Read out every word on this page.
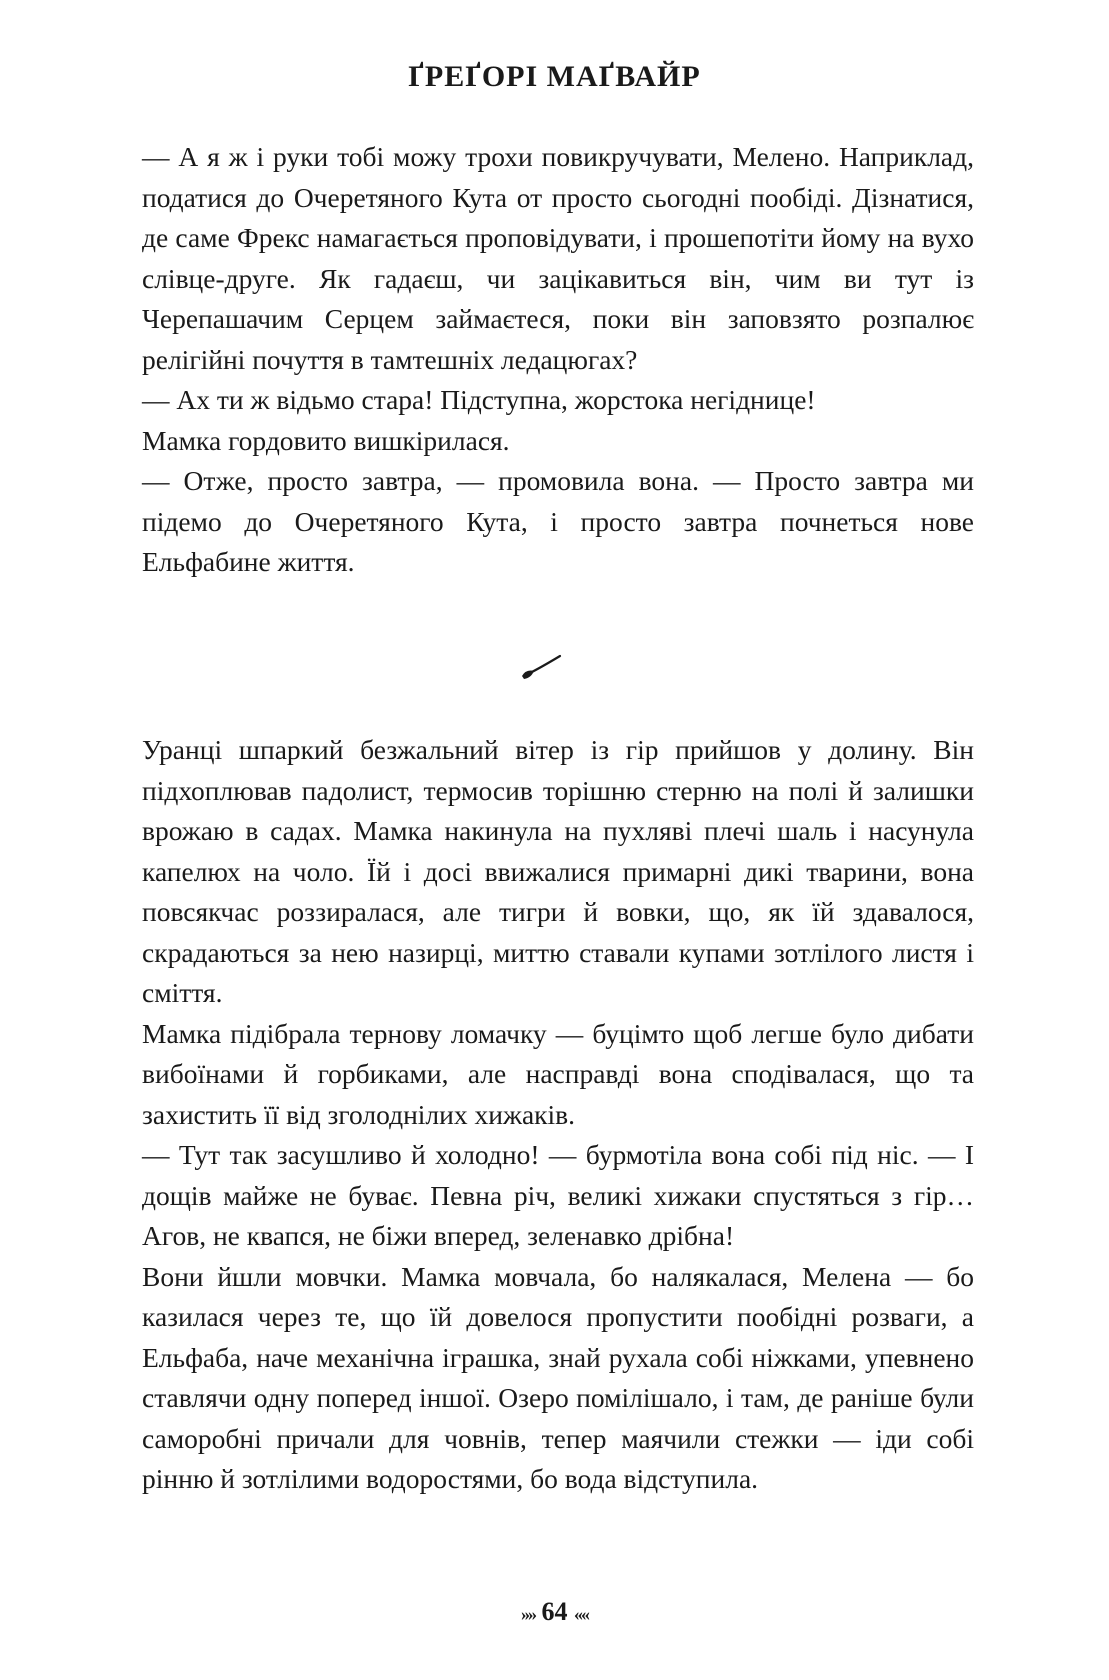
ҐРЕҐОРІ МАҐВАЙР

— А я ж і руки тобі можу трохи повикручувати, Мелено. Наприклад, податися до Очеретяного Кута от просто сьогодні пообіді. Дізнатися, де саме Фрекс намагається проповідувати, і прошепотіти йому на вухо слівце-друге. Як гадаєш, чи зацікавиться він, чим ви тут із Черепашачим Серцем займаєтеся, поки він заповзято розпалює релігійні почуття в тамтешніх ледацюгах?

— Ах ти ж відьмо стара! Підступна, жорстока негіднице!

Мамка гордовито вишкірилася.

— Отже, просто завтра, — промовила вона. — Просто завтра ми підемо до Очеретяного Кута, і просто завтра почнеться нове Ельфабине життя.

Уранці шпаркий безжальний вітер із гір прийшов у долину. Він підхоплював падолист, термосив торішню стерню на полі й залишки врожаю в садах. Мамка накинула на пухляві плечі шаль і насунула капелюх на чоло. Їй і досі ввижалися примарні дикі тварини, вона повсякчас роззиралася, але тигри й вовки, що, як їй здавалося, скрадаються за нею назирці, миттю ставали купами зотлілого листя і сміття.

Мамка підібрала тернову ломачку — буцімто щоб легше було дибати вибоїнами й горбиками, але насправді вона сподівалася, що та захистить її від зголоднілих хижаків.

— Тут так засушливо й холодно! — бурмотіла вона собі під ніс. — І дощів майже не буває. Певна річ, великі хижаки спустяться з гір… Агов, не квапся, не біжи вперед, зеленавко дрібна!

Вони йшли мовчки. Мамка мовчала, бо налякалася, Мелена — бо казилася через те, що їй довелося пропустити пообідні розваги, а Ельфаба, наче механічна іграшка, знай рухала собі ніжками, упевнено ставлячи одну поперед іншої. Озеро помілішало, і там, де раніше були саморобні причали для човнів, тепер маячили стежки — іди собі рінню й зотлілими водоростями, бо вода відступила.

»» 64 ««
